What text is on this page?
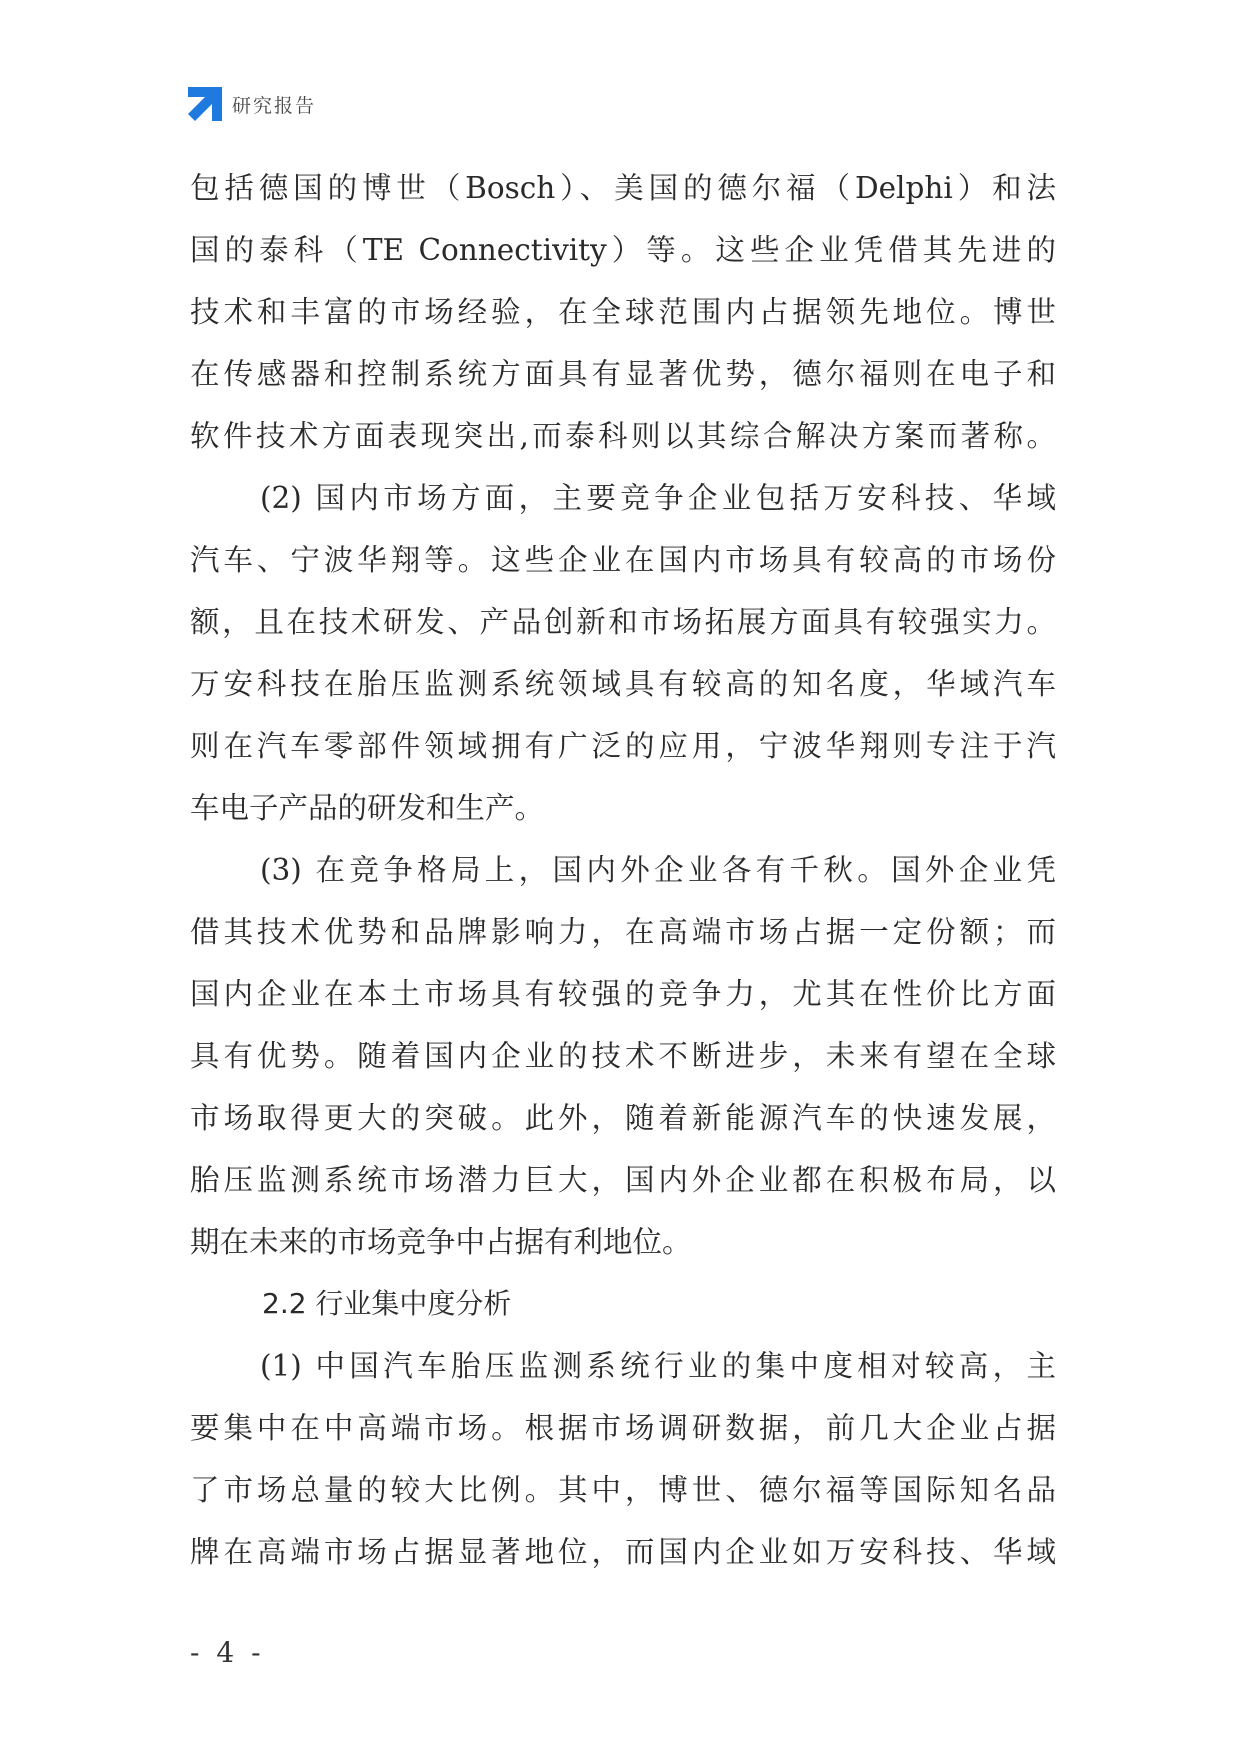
研究报告
包括德国的博世（Bosch）、美国的德尔福（Delphi）和法
国的泰科（TE Connectivity）等。这些企业凭借其先进的
技术和丰富的市场经验，在全球范围内占据领先地位。博世
在传感器和控制系统方面具有显著优势，德尔福则在电子和
软件技术方面表现突出,而泰科则以其综合解决方案而著称。
(2) 国内市场方面，主要竞争企业包括万安科技、华域
汽车、宁波华翔等。这些企业在国内市场具有较高的市场份
额，且在技术研发、产品创新和市场拓展方面具有较强实力。
万安科技在胎压监测系统领域具有较高的知名度，华域汽车
则在汽车零部件领域拥有广泛的应用，宁波华翔则专注于汽
车电子产品的研发和生产。
(3) 在竞争格局上，国内外企业各有千秋。国外企业凭
借其技术优势和品牌影响力，在高端市场占据一定份额；而
国内企业在本土市场具有较强的竞争力，尤其在性价比方面
具有优势。随着国内企业的技术不断进步，未来有望在全球
市场取得更大的突破。此外，随着新能源汽车的快速发展，
胎压监测系统市场潜力巨大，国内外企业都在积极布局，以
期在未来的市场竞争中占据有利地位。
2.2 行业集中度分析
(1) 中国汽车胎压监测系统行业的集中度相对较高，主
要集中在中高端市场。根据市场调研数据，前几大企业占据
了市场总量的较大比例。其中，博世、德尔福等国际知名品
牌在高端市场占据显著地位，而国内企业如万安科技、华域
- 4 -
